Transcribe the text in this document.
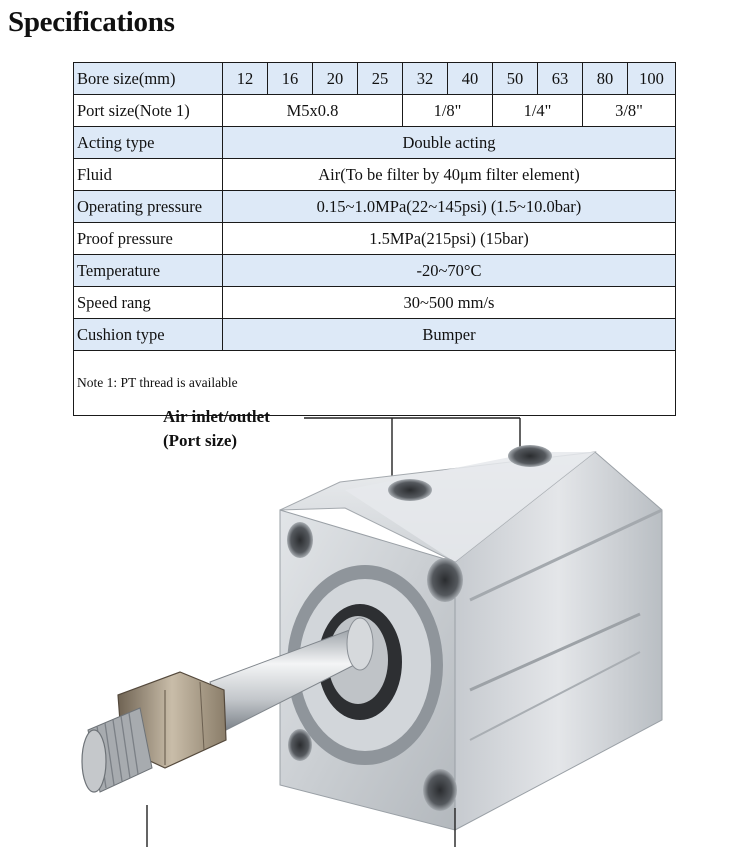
Specifications
Bore size(mm)	12	16	20	25	32	40	50	63	80	100
Port size(Note 1)	M5x0.8				1/8"		1/4"		3/8"	
Acting type	Double acting									
Fluid	Air(To be filter by 40μm filter element)									
Operating pressure	0.15~1.0MPa(22~145psi) (1.5~10.0bar)									
Proof pressure	1.5MPa(215psi) (15bar)									
Temperature	-20~70°C									
Speed rang	30~500 mm/s									
Cushion type	Bumper									
Note 1: PT thread is available										
Air inlet/outlet
(Port size)
